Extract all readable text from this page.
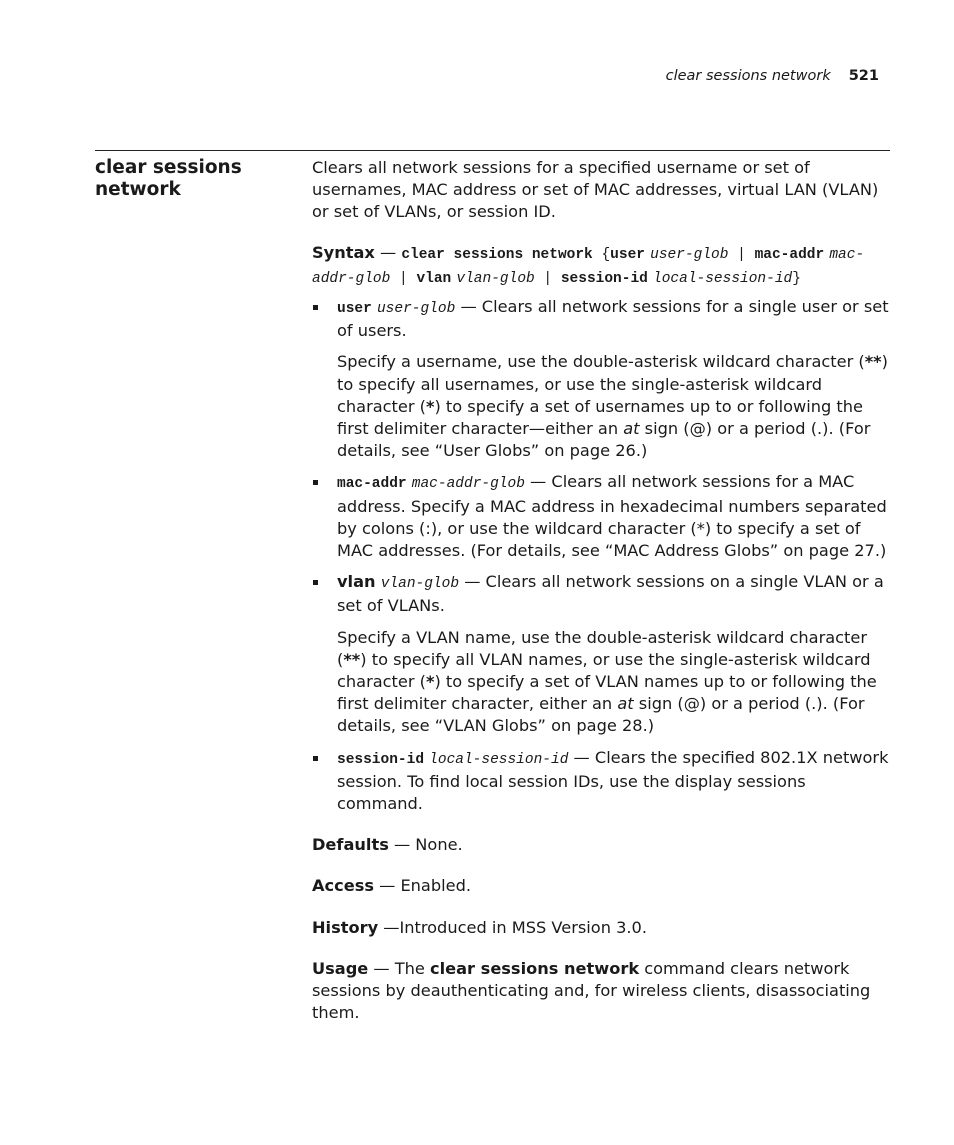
clear sessions network 521
clear sessions network

Clears all network sessions for a specified username or set of usernames, MAC address or set of MAC addresses, virtual LAN (VLAN) or set of VLANs, or session ID.

Syntax — clear sessions network {user user-glob | mac-addr mac-addr-glob | vlan vlan-glob | session-id local-session-id}

user user-glob — Clears all network sessions for a single user or set of users.

Specify a username, use the double-asterisk wildcard character (**) to specify all usernames, or use the single-asterisk wildcard character (*) to specify a set of usernames up to or following the first delimiter character—either an at sign (@) or a period (.). (For details, see “User Globs” on page 26.)

mac-addr mac-addr-glob — Clears all network sessions for a MAC address. Specify a MAC address in hexadecimal numbers separated by colons (:), or use the wildcard character (*) to specify a set of MAC addresses. (For details, see “MAC Address Globs” on page 27.)

vlan vlan-glob — Clears all network sessions on a single VLAN or a set of VLANs.

Specify a VLAN name, use the double-asterisk wildcard character (**) to specify all VLAN names, or use the single-asterisk wildcard character (*) to specify a set of VLAN names up to or following the first delimiter character, either an at sign (@) or a period (.). (For details, see “VLAN Globs” on page 28.)

session-id local-session-id — Clears the specified 802.1X network session. To find local session IDs, use the display sessions command.

Defaults — None.

Access — Enabled.

History —Introduced in MSS Version 3.0.

Usage — The clear sessions network command clears network sessions by deauthenticating and, for wireless clients, disassociating them.
